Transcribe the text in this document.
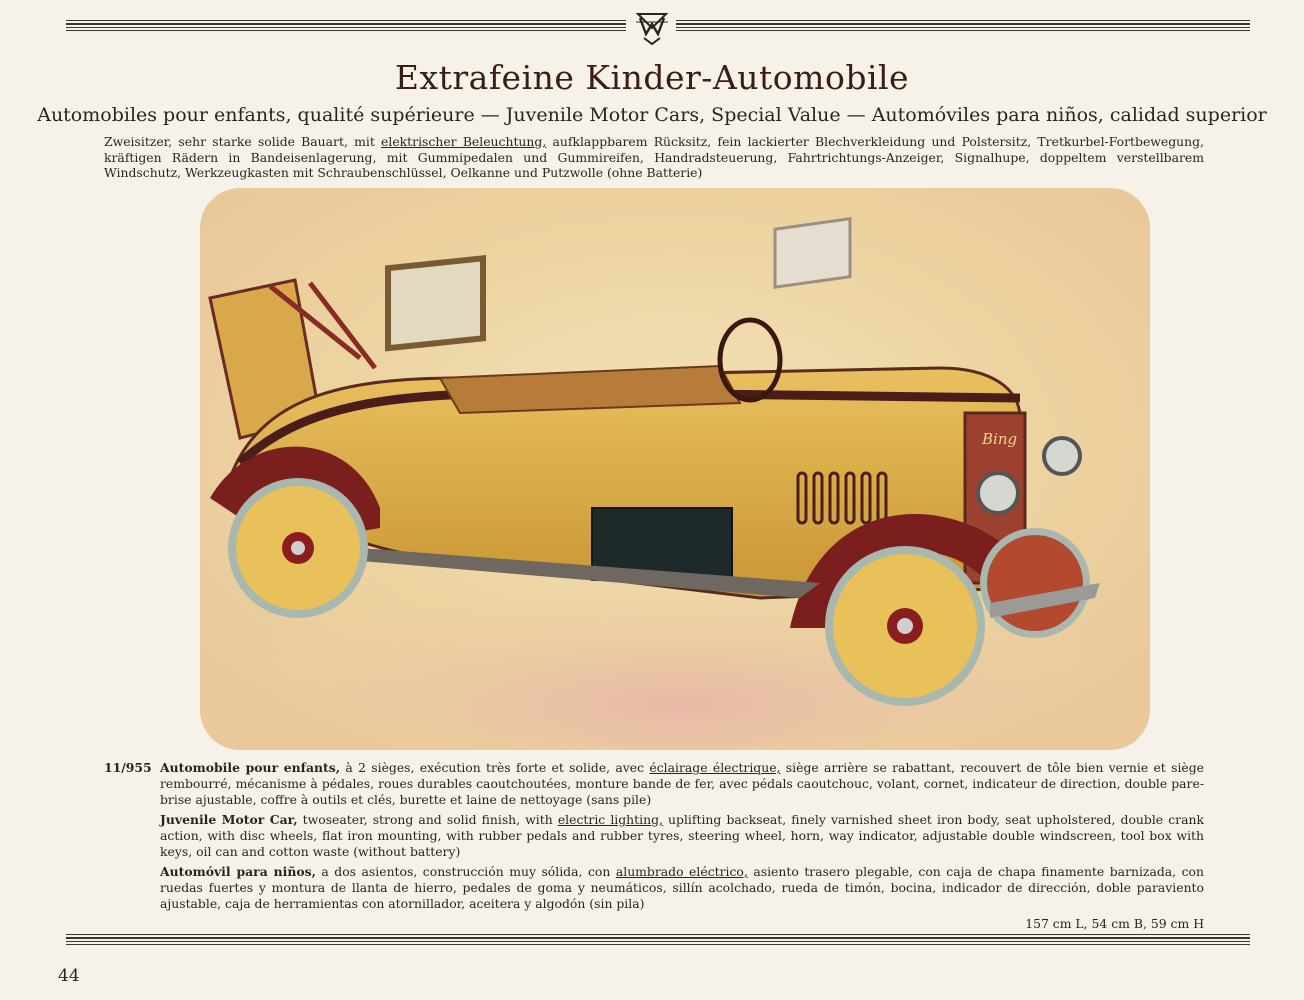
Extrafeine Kinder-Automobile
Automobiles pour enfants, qualité supérieure — Juvenile Motor Cars, Special Value — Automóviles para niños, calidad superior

Zweisitzer, sehr starke solide Bauart, mit elektrischer Beleuchtung, aufklappbarem Rücksitz, fein lackierter Blechverkleidung und Polstersitz, Tretkurbel-Fortbewegung, kräftigen Rädern in Bandeisenlagerung, mit Gummipedalen und Gummireifen, Handradsteuerung, Fahrtrichtungs-Anzeiger, Signalhupe, doppeltem verstellbarem Windschutz, Werkzeugkasten mit Schraubenschlüssel, Oelkanne und Putzwolle (ohne Batterie)

Bing
11/955 Automobile pour enfants, à 2 sièges, exécution très forte et solide, avec éclairage électrique, siège arrière se rabattant, recouvert de tôle bien vernie et siège rembourré, mécanisme à pédales, roues durables caoutchoutées, monture bande de fer, avec pédals caoutchouc, volant, cornet, indicateur de direction, double pare-brise ajustable, coffre à outils et clés, burette et laine de nettoyage (sans pile)
Juvenile Motor Car, twoseater, strong and solid finish, with electric lighting, uplifting backseat, finely varnished sheet iron body, seat upholstered, double crank action, with disc wheels, flat iron mounting, with rubber pedals and rubber tyres, steering wheel, horn, way indicator, adjustable double windscreen, tool box with keys, oil can and cotton waste (without battery)
Automóvil para niños, a dos asientos, construcción muy sólida, con alumbrado eléctrico, asiento trasero plegable, con caja de chapa finamente barnizada, con ruedas fuertes y montura de llanta de hierro, pedales de goma y neumáticos, sillín acolchado, rueda de timón, bocina, indicador de dirección, doble paraviento ajustable, caja de herramientas con atornillador, aceitera y algodón (sin pila)
157 cm L, 54 cm B, 59 cm H
44
